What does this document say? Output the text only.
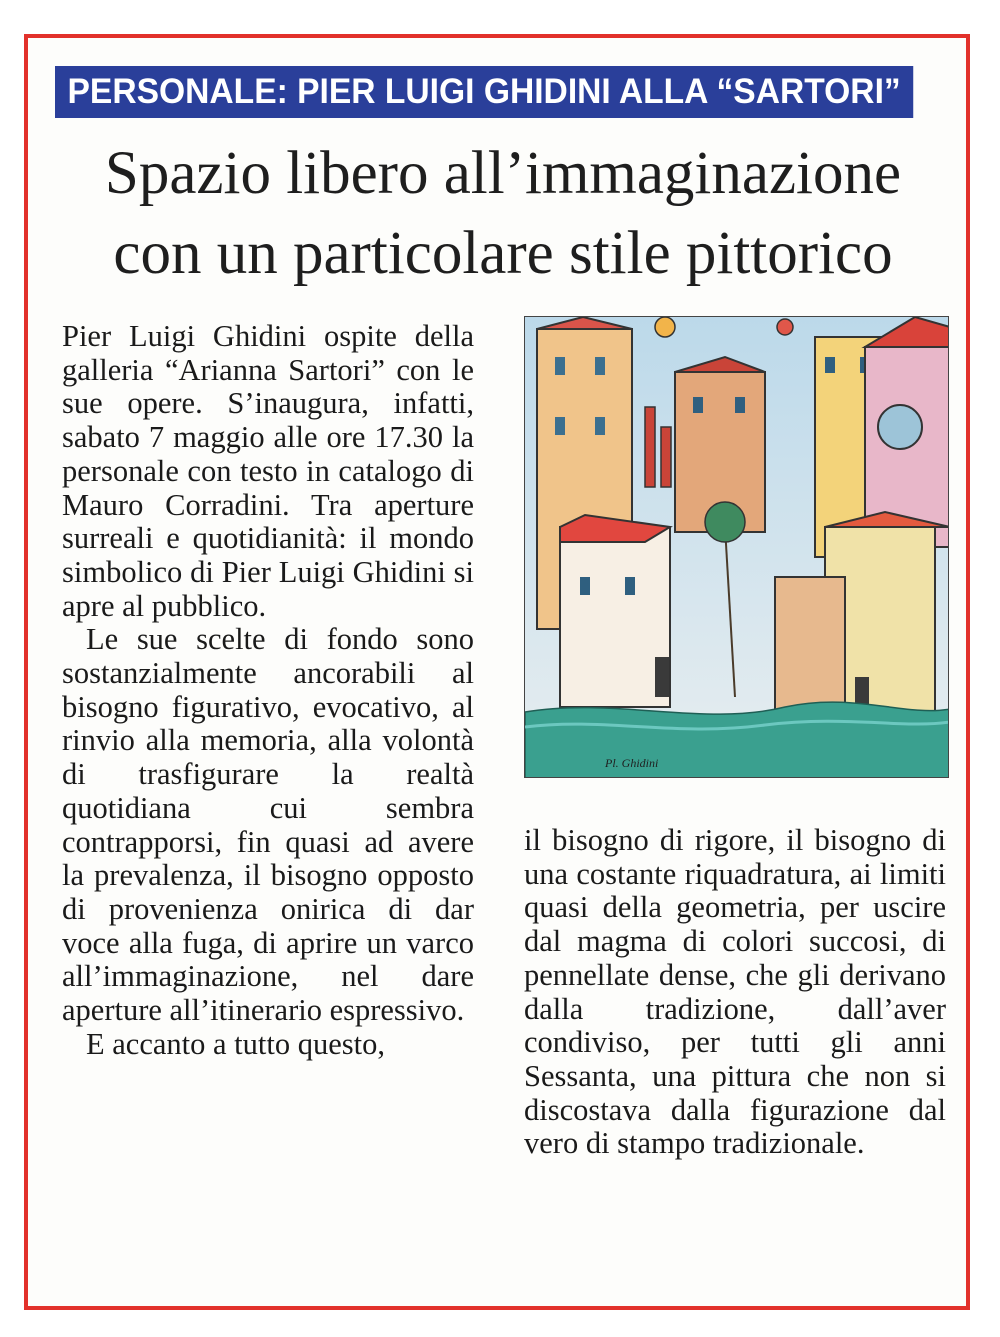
PERSONALE: PIER LUIGI GHIDINI ALLA “SARTORI”
Spazio libero all’immaginazione con un particolare stile pittorico

Pier Luigi Ghidini ospite della galleria “Arianna Sartori” con le sue opere. S’inaugura, infatti, sabato 7 maggio alle ore 17.30 la personale con testo in catalogo di Mauro Corradini. Tra aperture surreali e quotidianità: il mondo simbolico di Pier Luigi Ghidini si apre al pubblico.

Le sue scelte di fondo sono sostanzialmente ancorabili al bisogno figurativo, evocativo, al rinvio alla memoria, alla volontà di trasfigurare la realtà quotidiana cui sembra contrapporsi, fin quasi ad avere la prevalenza, il bisogno opposto di provenienza onirica di dar voce alla fuga, di aprire un varco all’immaginazione, nel dare aperture all’itinerario espressivo.

E accanto a tutto questo,

il bisogno di rigore, il bisogno di una costante riquadratura, ai limiti quasi della geometria, per uscire dal magma di colori succosi, di pennellate dense, che gli derivano dalla tradizione, dall’aver condiviso, per tutti gli anni Sessanta, una pittura che non si discostava dalla figurazione dal vero di stampo tradizionale.

Pl. Ghidini
